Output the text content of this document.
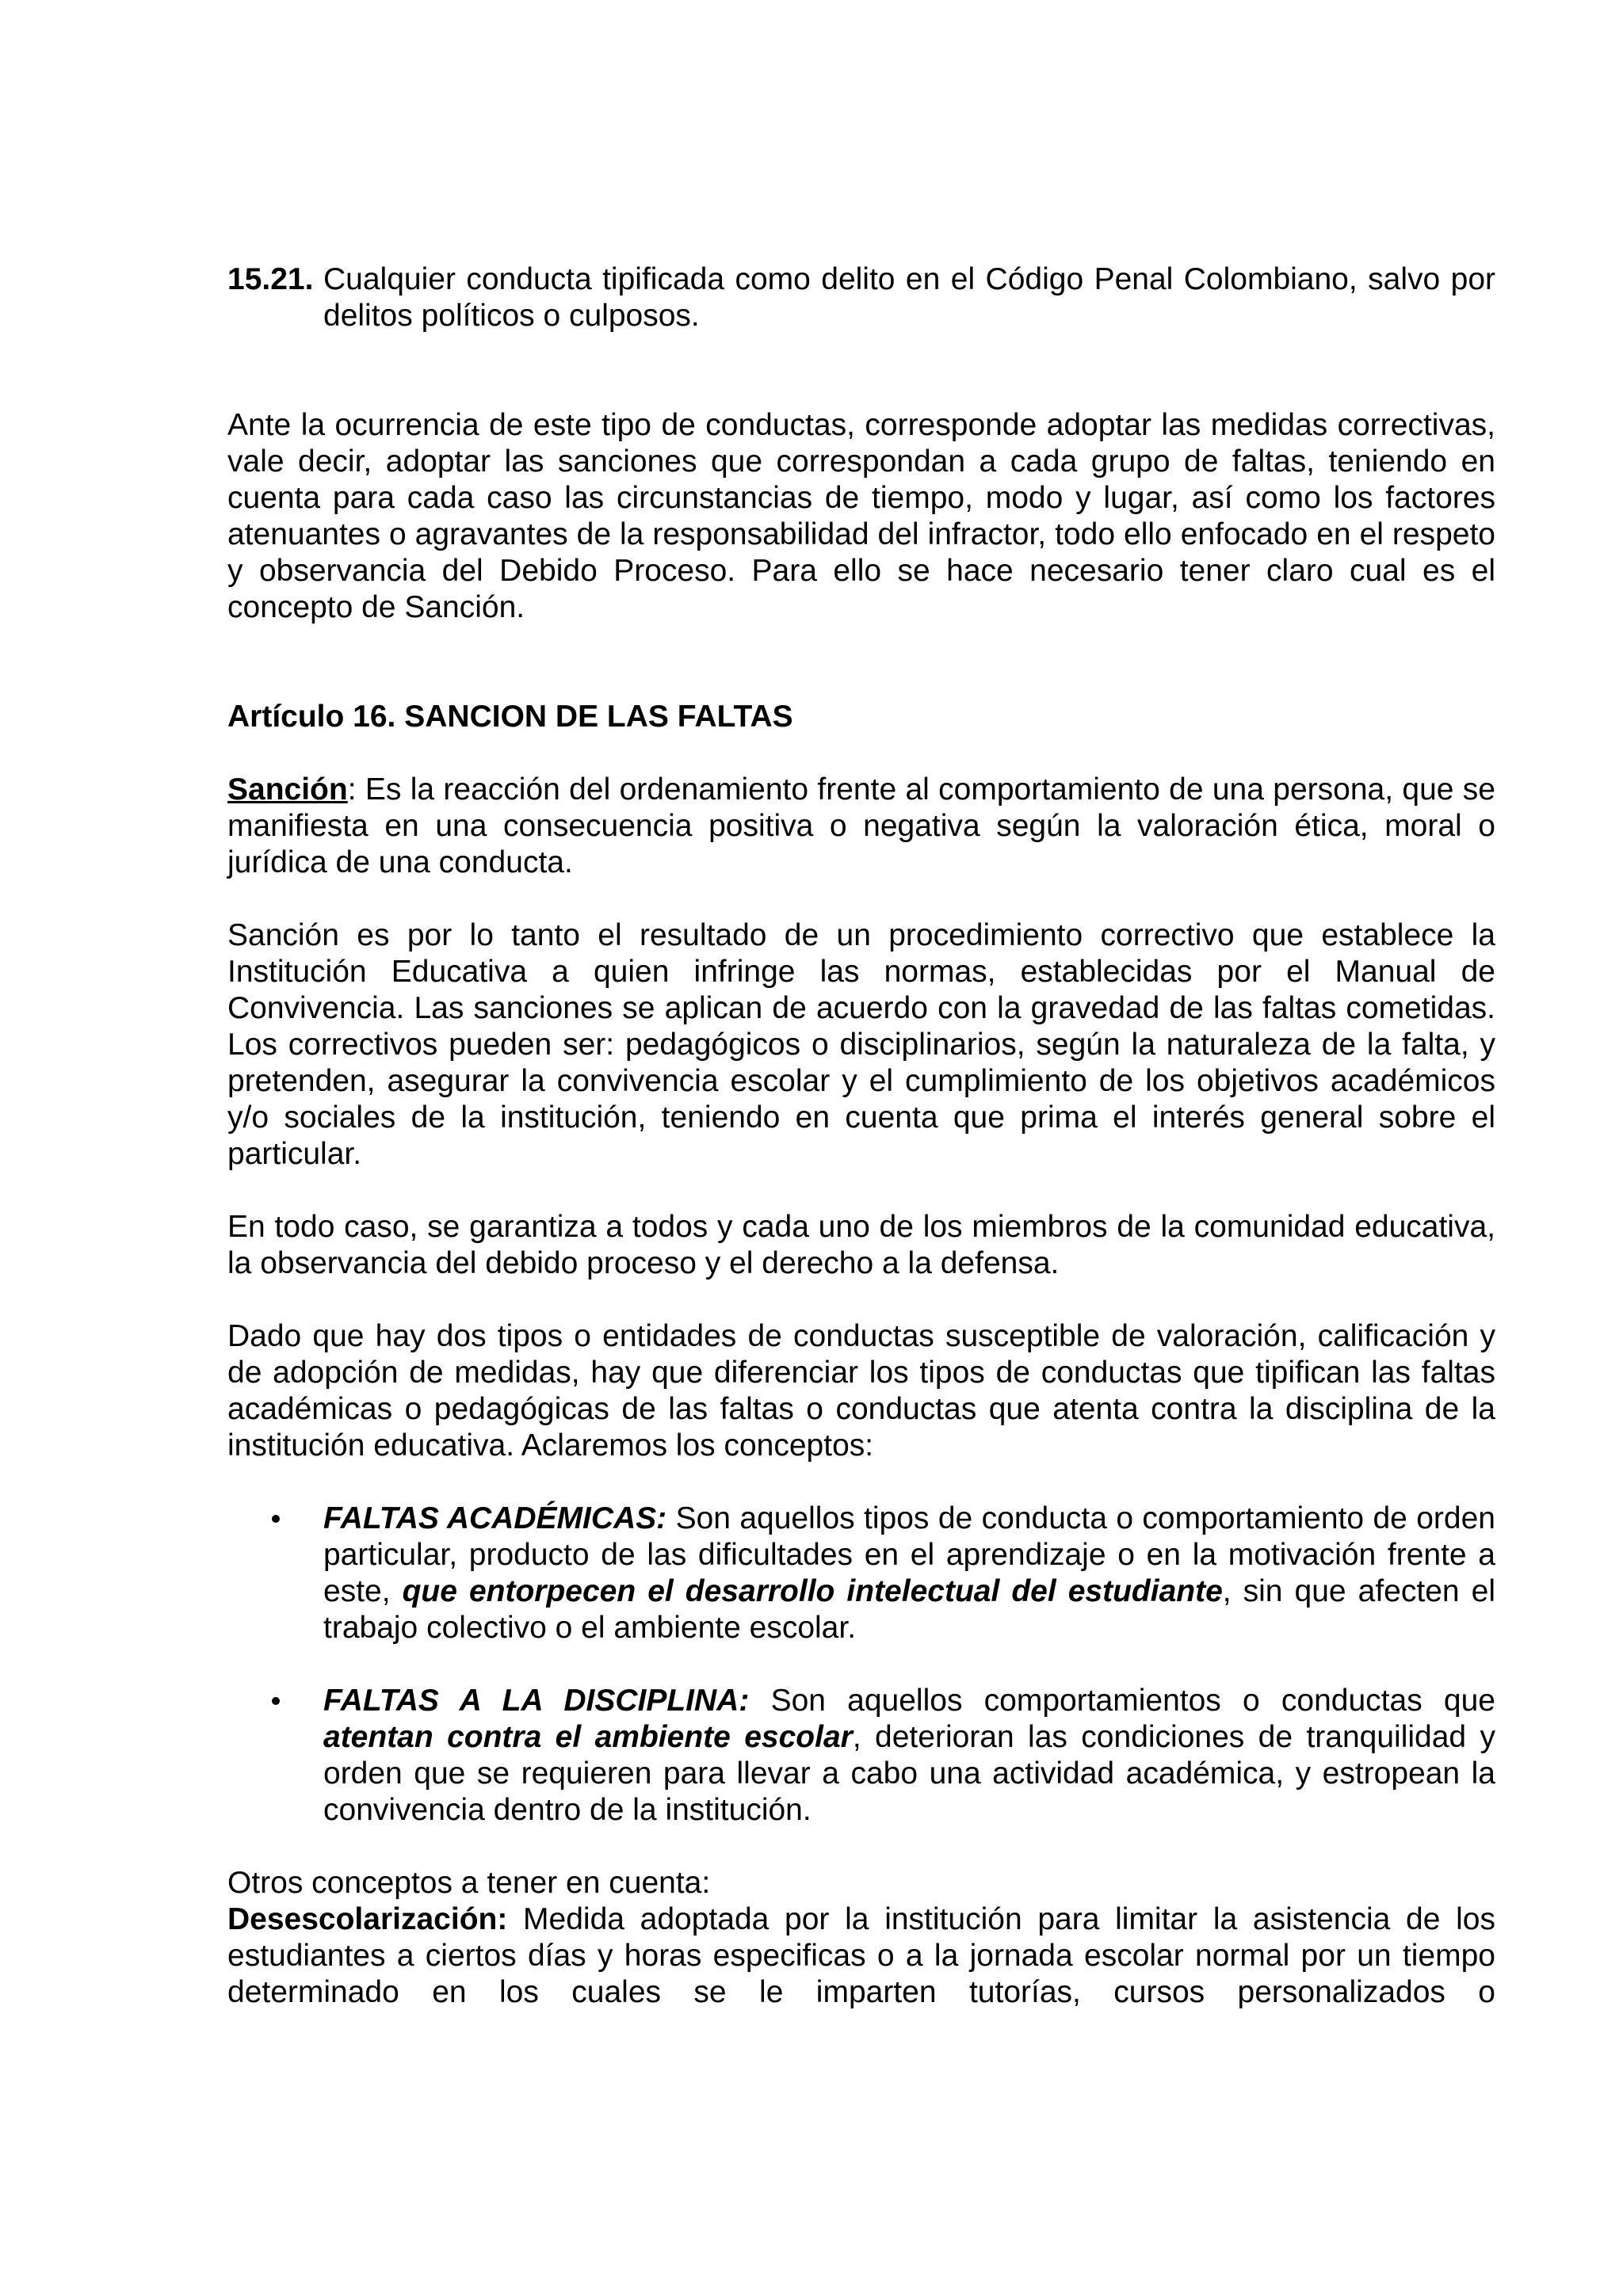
15.21. Cualquier conducta tipificada como delito en el Código Penal Colombiano, salvo por delitos políticos o culposos.

Ante la ocurrencia de este tipo de conductas, corresponde adoptar las medidas correctivas, vale decir, adoptar las sanciones que correspondan a cada grupo de faltas, teniendo en cuenta para cada caso las circunstancias de tiempo, modo y lugar, así como los factores atenuantes o agravantes de la responsabilidad del infractor, todo ello enfocado en el respeto y observancia del Debido Proceso. Para ello se hace necesario tener claro cual es el concepto de Sanción.

Artículo 16. SANCION DE LAS FALTAS

Sanción: Es la reacción del ordenamiento frente al comportamiento de una persona, que se manifiesta en una consecuencia positiva o negativa según la valoración ética, moral o jurídica de una conducta.

Sanción es por lo tanto el resultado de un procedimiento correctivo que establece la Institución Educativa a quien infringe las normas, establecidas por el Manual de Convivencia. Las sanciones se aplican de acuerdo con la gravedad de las faltas cometidas. Los correctivos pueden ser: pedagógicos o disciplinarios, según la naturaleza de la falta, y pretenden, asegurar la convivencia escolar y el cumplimiento de los objetivos académicos y/o sociales de la institución, teniendo en cuenta que prima el interés general sobre el particular.

En todo caso, se garantiza a todos y cada uno de los miembros de la comunidad educativa, la observancia del debido proceso y el derecho a la defensa.

Dado que hay dos tipos o entidades de conductas susceptible de valoración, calificación y de adopción de medidas, hay que diferenciar los tipos de conductas que tipifican las faltas académicas o pedagógicas de las faltas o conductas que atenta contra la disciplina de la institución educativa. Aclaremos los conceptos:

FALTAS ACADÉMICAS: Son aquellos tipos de conducta o comportamiento de orden particular, producto de las dificultades en el aprendizaje o en la motivación frente a este, que entorpecen el desarrollo intelectual del estudiante, sin que afecten el trabajo colectivo o el ambiente escolar.
FALTAS A LA DISCIPLINA: Son aquellos comportamientos o conductas que atentan contra el ambiente escolar, deterioran las condiciones de tranquilidad y orden que se requieren para llevar a cabo una actividad académica, y estropean la convivencia dentro de la institución.

Otros conceptos a tener en cuenta:

Desescolarización: Medida adoptada por la institución para limitar la asistencia de los estudiantes a ciertos días y horas especificas o a la jornada escolar normal por un tiempo determinado en los cuales se le imparten tutorías, cursos personalizados o
